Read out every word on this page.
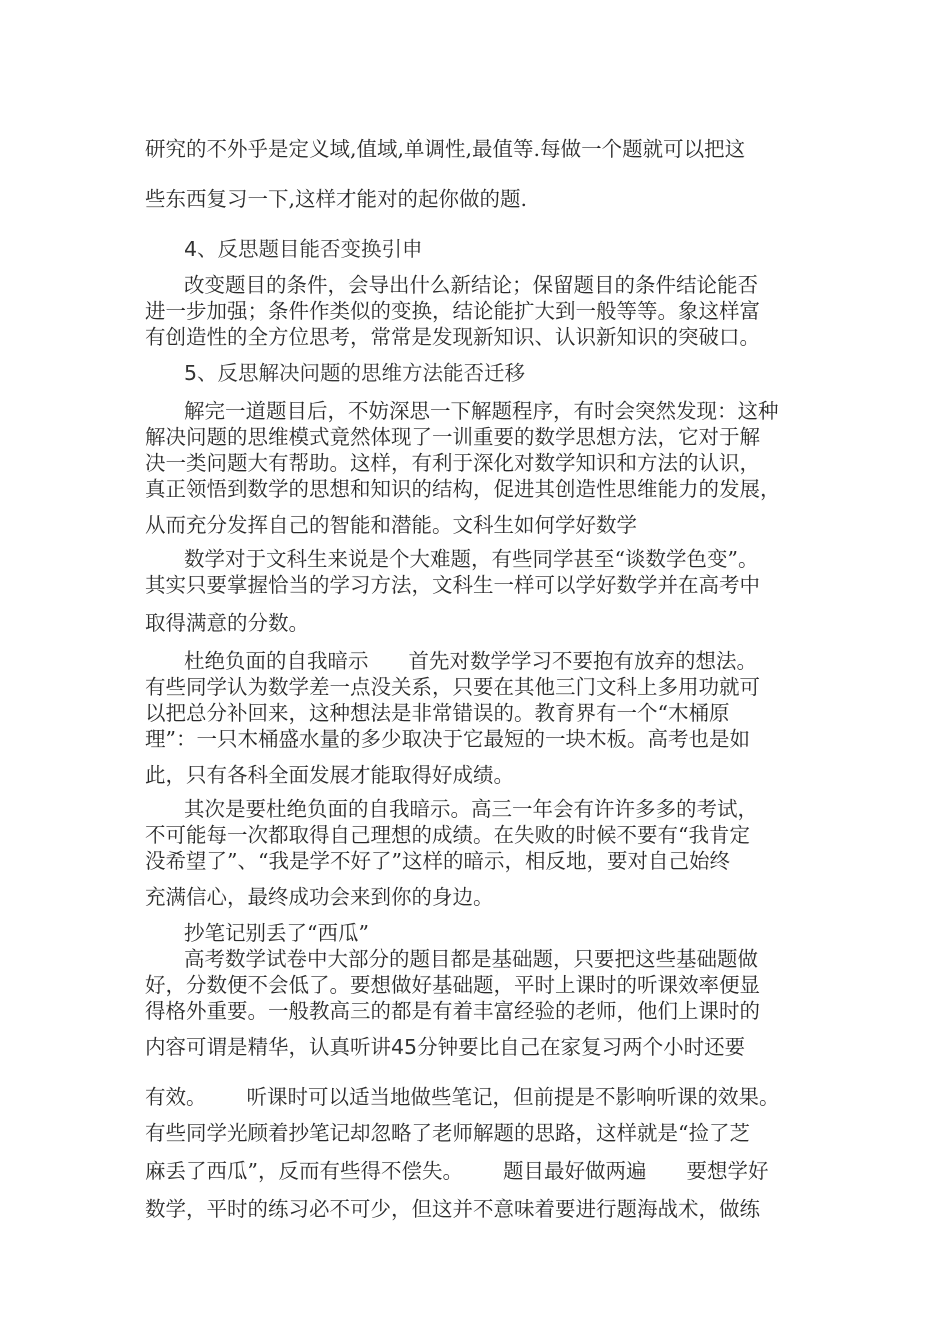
研究的不外乎是定义域,值域,单调性,最值等.每做一个题就可以把这
些东西复习一下,这样才能对的起你做的题.
4、反思题目能否变换引申
改变题目的条件，会导出什么新结论；保留题目的条件结论能否
进一步加强；条件作类似的变换，结论能扩大到一般等等。象这样富
有创造性的全方位思考，常常是发现新知识、认识新知识的突破口。
5、反思解决问题的思维方法能否迁移
解完一道题目后，不妨深思一下解题程序，有时会突然发现：这种
解决问题的思维模式竟然体现了一训重要的数学思想方法，它对于解
决一类问题大有帮助。这样，有利于深化对数学知识和方法的认识，
真正领悟到数学的思想和知识的结构，促进其创造性思维能力的发展，
从而充分发挥自己的智能和潜能。文科生如何学好数学
数学对于文科生来说是个大难题，有些同学甚至“谈数学色变”。
其实只要掌握恰当的学习方法，文科生一样可以学好数学并在高考中
取得满意的分数。
杜绝负面的自我暗示 首先对数学学习不要抱有放弃的想法。
有些同学认为数学差一点没关系，只要在其他三门文科上多用功就可
以把总分补回来，这种想法是非常错误的。教育界有一个“木桶原
理”：一只木桶盛水量的多少取决于它最短的一块木板。高考也是如
此，只有各科全面发展才能取得好成绩。
其次是要杜绝负面的自我暗示。高三一年会有许许多多的考试，
不可能每一次都取得自己理想的成绩。在失败的时候不要有“我肯定
没希望了”、“我是学不好了”这样的暗示，相反地，要对自己始终
充满信心，最终成功会来到你的身边。
抄笔记别丢了“西瓜”
高考数学试卷中大部分的题目都是基础题，只要把这些基础题做
好，分数便不会低了。要想做好基础题，平时上课时的听课效率便显
得格外重要。一般教高三的都是有着丰富经验的老师，他们上课时的
内容可谓是精华，认真听讲45分钟要比自己在家复习两个小时还要
有效。 听课时可以适当地做些笔记，但前提是不影响听课的效果。
有些同学光顾着抄笔记却忽略了老师解题的思路，这样就是“捡了芝
麻丢了西瓜”，反而有些得不偿失。 题目最好做两遍 要想学好
数学，平时的练习必不可少，但这并不意味着要进行题海战术，做练
